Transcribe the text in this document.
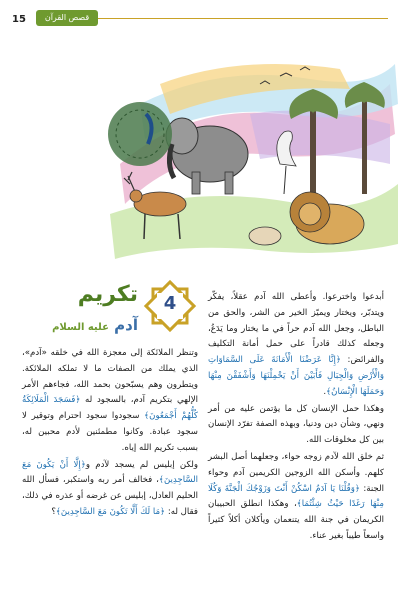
15	قصص القرآن الكريم
4
تكريم
آدم عليه السلام

أبدعوا واخترعوا. وأعطى الله آدم عقلاً، يفكّر ويتدبّر، ويختار ويميّز الخير من الشر، والحق من الباطل، وجعل الله آدم حراً في ما يختار وما يَدَعُ، وجعله كذلك قادراً على حمل أمانة التكليف والفرائض: ﴿إِنَّا عَرَضْنَا الْأَمَانَةَ عَلَى السَّمَاوَاتِ وَالْأَرْضِ وَالْجِبَالِ فَأَبَيْنَ أَنْ يَحْمِلْنَهَا وَأَشْفَقْنَ مِنْهَا وَحَمَلَهَا الْإِنْسَانُ﴾.

وهكذا حمل الإنسان كل ما يؤتمن عليه من أمر ونهي، وشأن دين ودنيا، وبهذه الصفة تفرّد الإنسان بين كل مخلوقات الله.

ثم خلق الله لآدم زوجه حواء، وجعلهما أصل البشر كلهم. وأسكن الله الزوجين الكريمين آدم وحواء الجنة: ﴿وَقُلْنَا يَا آدَمُ اسْكُنْ أَنْتَ وَزَوْجُكَ الْجَنَّةَ وَكُلَا مِنْهَا رَغَدًا حَيْثُ شِئْتُمَا﴾، وهكذا انطلق الحبيبان الكريمان في جنة الله يتنعمان ويأكلان أكلاً كثيراً واسعاً طيباً بغير عناء.

وتنظر الملائكة إلى معجزة الله في خلقه «آدم»، الذي يملك من الصفات ما لا تملكه الملائكة. ويتطرون وهم يسبّحون بحمد الله، فجاءهم الأمر الإلهي بتكريم آدم، بالسجود له ﴿فَسَجَدَ الْمَلَائِكَةُ كُلُّهُمْ أَجْمَعُونَ﴾ سجودوا سجود احترام وتوقير لا سجود عبادة. وكانوا مطمئنين لأدم محبين له، بسبب تكريم الله إياه.

ولكن إبليس لم يسجد لآدم و﴿إِلَّا أَنْ يَكُونَ مَعَ السَّاجِدِينَ﴾، فخالف أمر ربه واستكبر، فسأل الله الحليم العادل، إبليس عن غرضه أو عذره في ذلك، فقال له: ﴿مَا لَكَ أَلَّا تَكُونَ مَعَ السَّاجِدِينَ﴾؟
